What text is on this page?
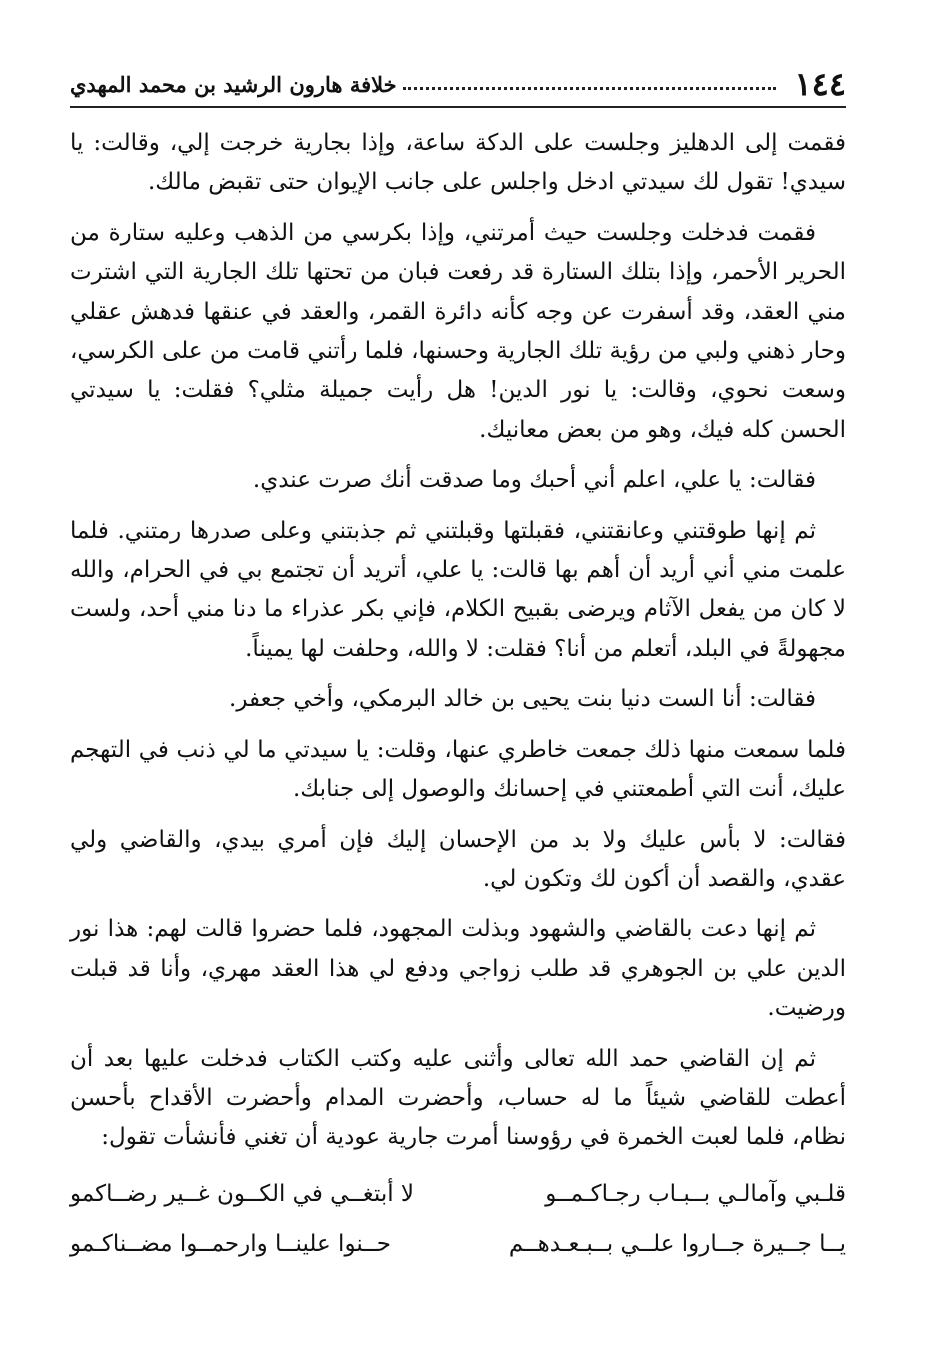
١٤٤
خلافة هارون الرشيد بن محمد المهدي

فقمت إلى الدهليز وجلست على الدكة ساعة، وإذا بجارية خرجت إلي، وقالت: يا سيدي! تقول لك سيدتي ادخل واجلس على جانب الإيوان حتى تقبض مالك.

فقمت فدخلت وجلست حيث أمرتني، وإذا بكرسي من الذهب وعليه ستارة من الحرير الأحمر، وإذا بتلك الستارة قد رفعت فبان من تحتها تلك الجارية التي اشترت مني العقد، وقد أسفرت عن وجه كأنه دائرة القمر، والعقد في عنقها فدهش عقلي وحار ذهني ولبي من رؤية تلك الجارية وحسنها، فلما رأتني قامت من على الكرسي، وسعت نحوي، وقالت: يا نور الدين! هل رأيت جميلة مثلي؟ فقلت: يا سيدتي الحسن كله فيك، وهو من بعض معانيك.

فقالت: يا علي، اعلم أني أحبك وما صدقت أنك صرت عندي.

ثم إنها طوقتني وعانقتني، فقبلتها وقبلتني ثم جذبتني وعلى صدرها رمتني. فلما علمت مني أني أريد أن أهم بها قالت: يا علي، أتريد أن تجتمع بي في الحرام، والله لا كان من يفعل الآثام ويرضى بقبيح الكلام، فإني بكر عذراء ما دنا مني أحد، ولست مجهولةً في البلد، أتعلم من أنا؟ فقلت: لا والله، وحلفت لها يميناً.

فقالت: أنا الست دنيا بنت يحيى بن خالد البرمكي، وأخي جعفر.

فلما سمعت منها ذلك جمعت خاطري عنها، وقلت: يا سيدتي ما لي ذنب في التهجم عليك، أنت التي أطمعتني في إحسانك والوصول إلى جنابك.

فقالت: لا بأس عليك ولا بد من الإحسان إليك فإن أمري بيدي، والقاضي ولي عقدي، والقصد أن أكون لك وتكون لي.

ثم إنها دعت بالقاضي والشهود وبذلت المجهود، فلما حضروا قالت لهم: هذا نور الدين علي بن الجوهري قد طلب زواجي ودفع لي هذا العقد مهري، وأنا قد قبلت ورضيت.

ثم إن القاضي حمد الله تعالى وأثنى عليه وكتب الكتاب فدخلت عليها بعد أن أعطت للقاضي شيئاً ما له حساب، وأحضرت المدام وأحضرت الأقداح بأحسن نظام، فلما لعبت الخمرة في رؤوسنا أمرت جارية عودية أن تغني فأنشأت تقول:

قلـبي وآمالـي بــبـاب رجـاكـمــو
لا أبتغــي في الكــون غــير رضــاكمو
يــا جــيرة جــاروا علــي بــبـعـدهــم
حــنوا علينــا وارحمــوا مضــناكـمو
